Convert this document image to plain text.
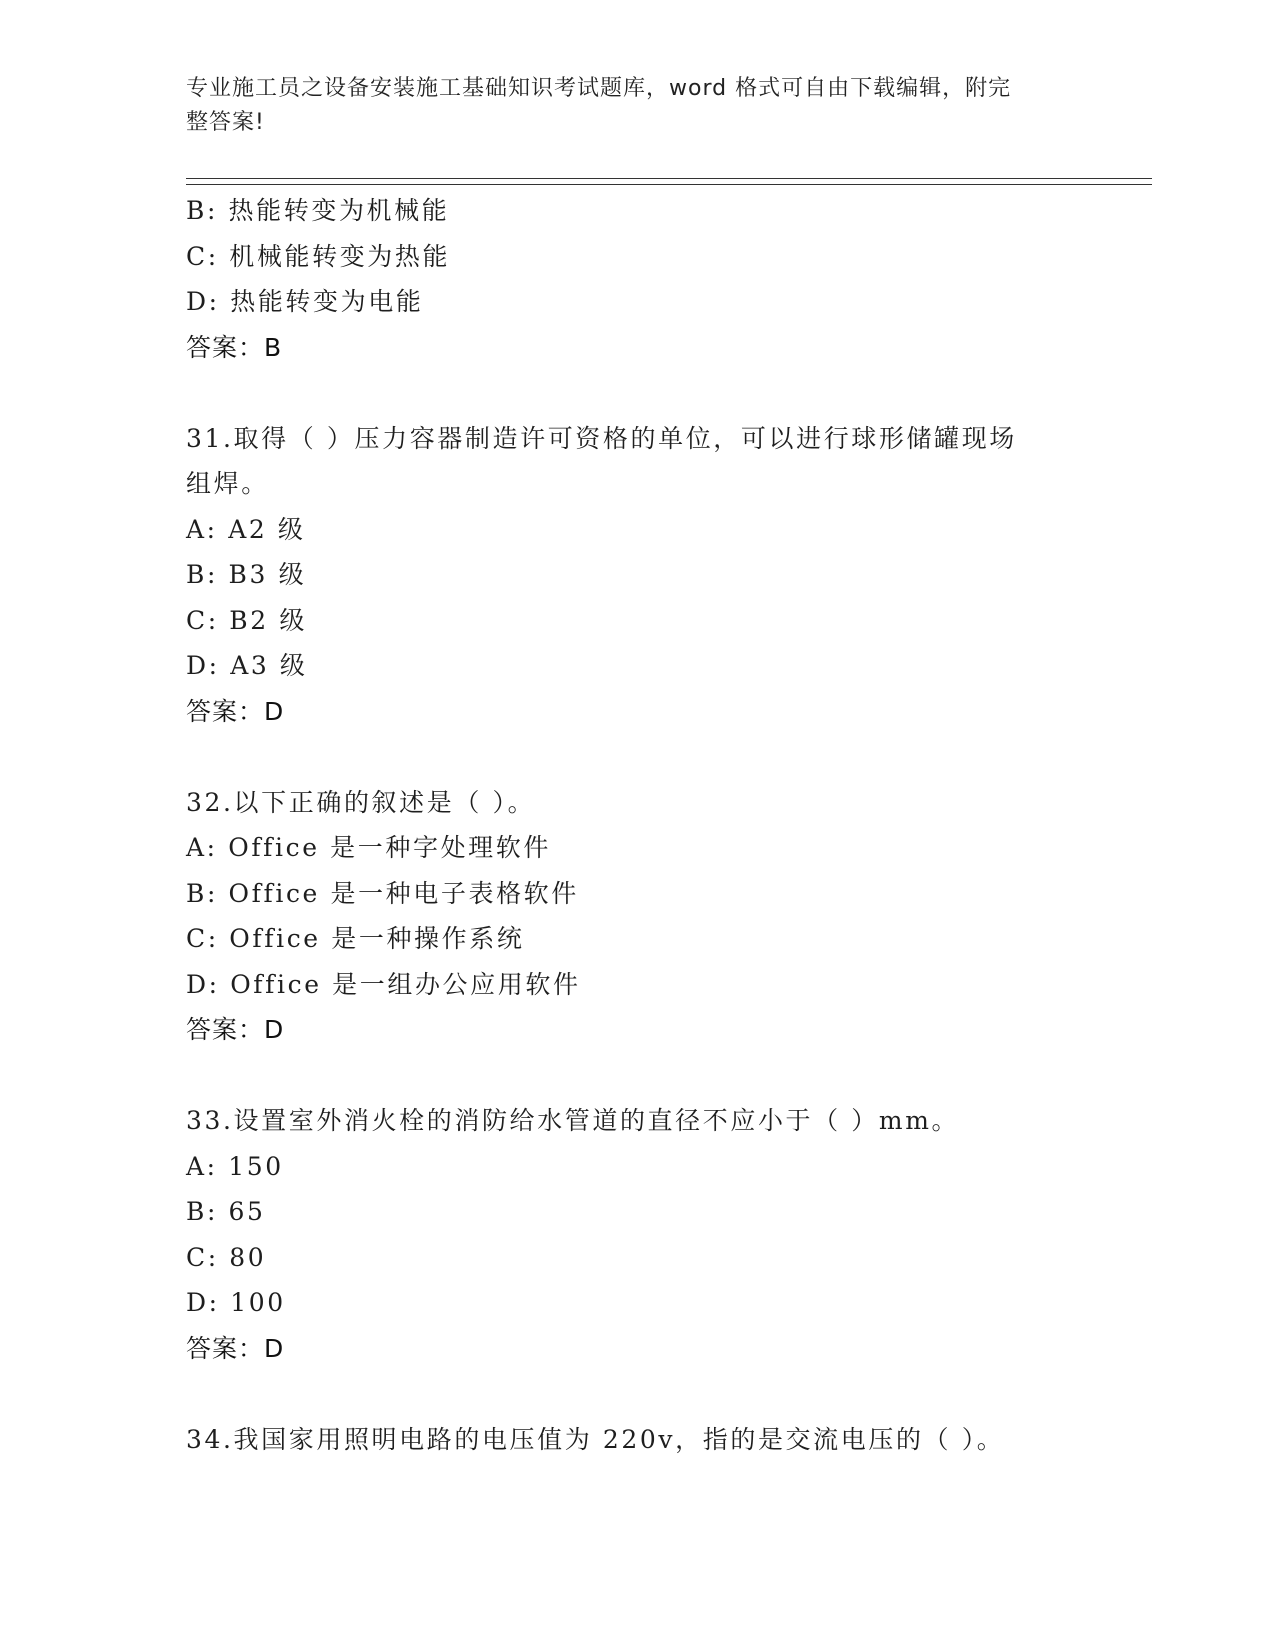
专业施工员之设备安装施工基础知识考试题库，word 格式可自由下载编辑，附完
整答案!
B: 热能转变为机械能
C: 机械能转变为热能
D: 热能转变为电能
答案：B
31.取得（ ）压力容器制造许可资格的单位，可以进行球形储罐现场
组焊。
A: A2 级
B: B3 级
C: B2 级
D: A3 级
答案：D
32.以下正确的叙述是（ ）。
A: Office 是一种字处理软件
B: Office 是一种电子表格软件
C: Office 是一种操作系统
D: Office 是一组办公应用软件
答案：D
33.设置室外消火栓的消防给水管道的直径不应小于（ ）mm。
A: 150
B: 65
C: 80
D: 100
答案：D
34.我国家用照明电路的电压值为 220v，指的是交流电压的（ ）。
